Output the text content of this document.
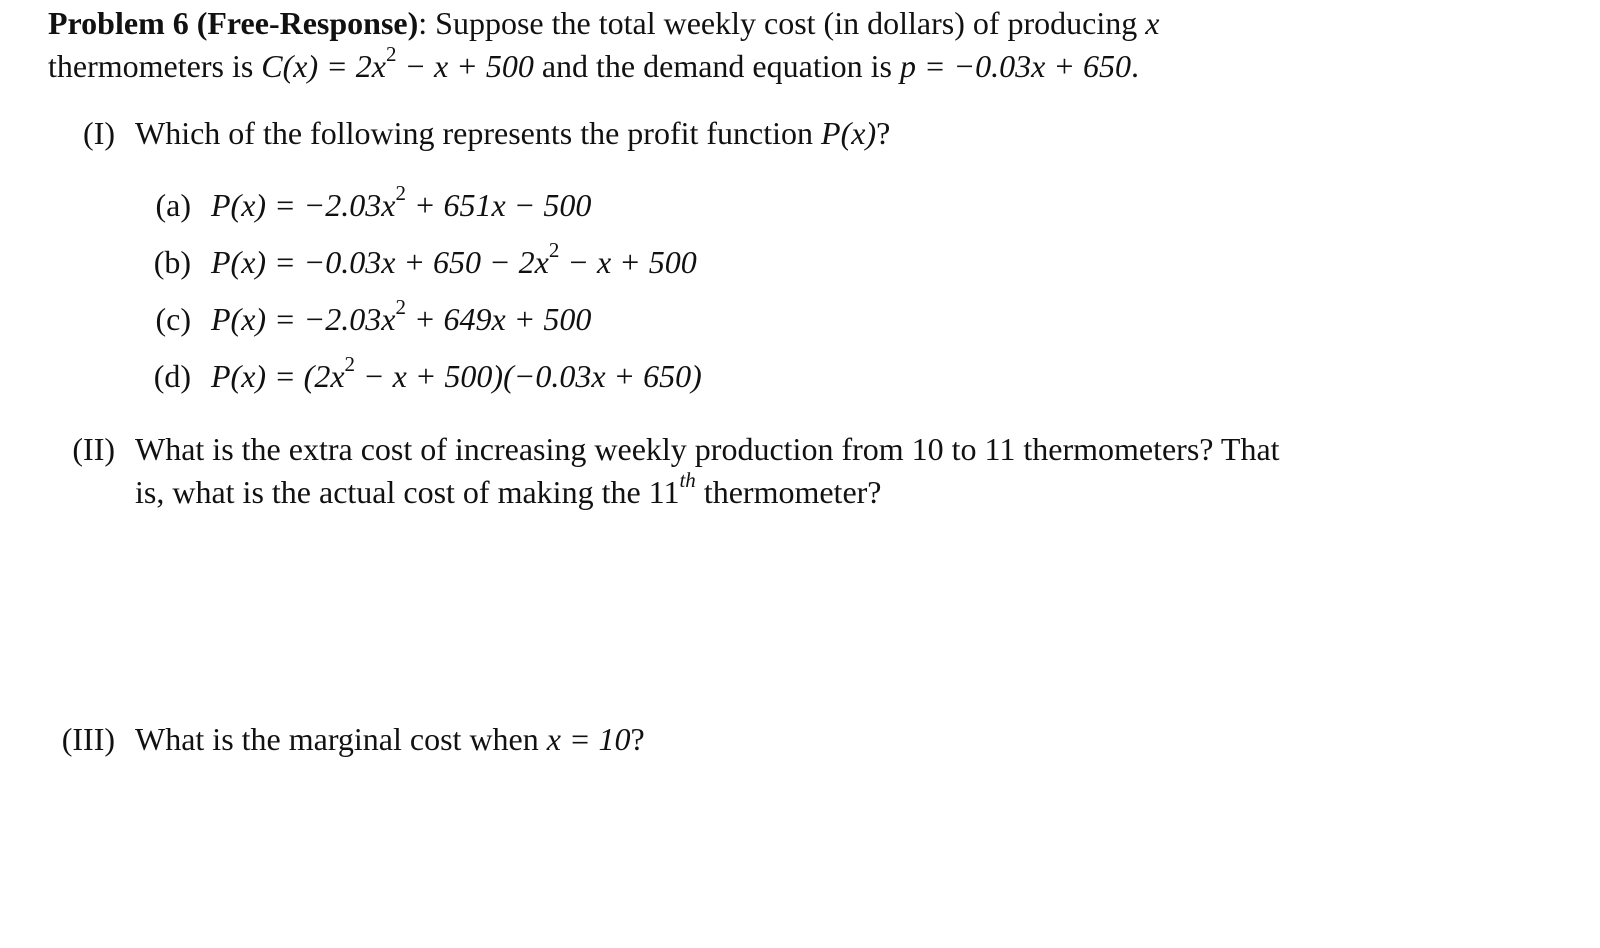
Problem 6 (Free-Response): Suppose the total weekly cost (in dollars) of producing x
thermometers is $C(x) = 2x^2 - x + 500$ and the demand equation is p = −0.03x + 650.
(I) Which of the following represents the profit function P(x)?
(a) $P(x) = -2.03x^2 + 651x - 500$
(b) $P(x) = -0.03x + 650 - 2x^2 - x + 500$
(c) $P(x) = -2.03x^2 + 649x + 500$
(d) $P(x) = (2x^2 - x + 500)(-0.03x + 650)$
(II) What is the extra cost of increasing weekly production from 10 to 11 thermometers? That
is, what is the actual cost of making the 11th thermometer?
(III) What is the marginal cost when x = 10?
